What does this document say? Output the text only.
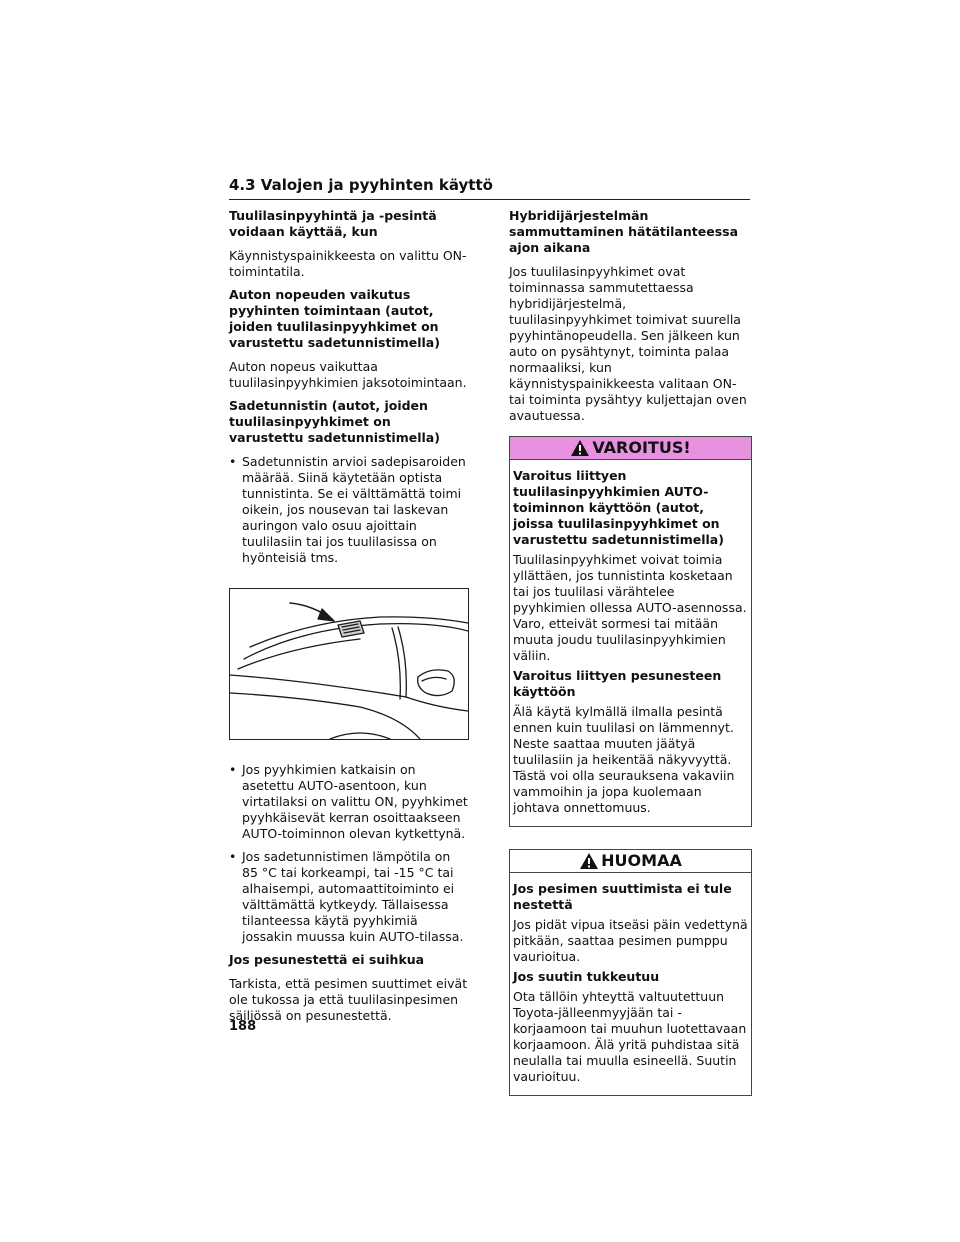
4.3 Valojen ja pyyhinten käyttö
Tuulilasinpyyhintä ja -pesintä voidaan käyttää, kun

Käynnistyspainikkeesta on valittu ON-toimintatila.

Auton nopeuden vaikutus pyyhinten toimintaan (autot, joiden tuulilasinpyyhkimet on varustettu sadetunnistimella)

Auton nopeus vaikuttaa tuulilasinpyyhkimien jaksotoimintaan.

Sadetunnistin (autot, joiden tuulilasinpyyhkimet on varustettu sadetunnistimella)
• Sadetunnistin arvioi sadepisaroiden määrää. Siinä käytetään optista tunnistinta. Se ei välttämättä toimi oikein, jos nousevan tai laskevan auringon valo osuu ajoittain tuulilasiin tai jos tuulilasissa on hyönteisiä tms.
• Jos pyyhkimien katkaisin on asetettu AUTO-asentoon, kun virtatilaksi on valittu ON, pyyhkimet pyyhkäisevät kerran osoittaakseen AUTO-toiminnon olevan kytkettynä.
• Jos sadetunnistimen lämpötila on 85 °C tai korkeampi, tai -15 °C tai alhaisempi, automaattitoiminto ei välttämättä kytkeydy. Tällaisessa tilanteessa käytä pyyhkimiä jossakin muussa kuin AUTO-tilassa.
Jos pesunestettä ei suihkua

Tarkista, että pesimen suuttimet eivät ole tukossa ja että tuulilasinpesimen säiliössä on pesunestettä.

Hybridijärjestelmän sammuttaminen hätätilanteessa ajon aikana

Jos tuulilasinpyyhkimet ovat toiminnassa sammutettaessa hybridijärjestelmä, tuulilasinpyyhkimet toimivat suurella pyyhintänopeudella. Sen jälkeen kun auto on pysähtynyt, toiminta palaa normaaliksi, kun käynnistyspainikkeesta valitaan ON- tai toiminta pysähtyy kuljettajan oven avautuessa.

VAROITUS!
Varoitus liittyen tuulilasinpyyhkimien AUTO-toiminnon käyttöön (autot, joissa tuulilasinpyyhkimet on varustettu sadetunnistimella)

Tuulilasinpyyhkimet voivat toimia yllättäen, jos tunnistinta kosketaan tai jos tuulilasi värähtelee pyyhkimien ollessa AUTO-asennossa. Varo, etteivät sormesi tai mitään muuta joudu tuulilasinpyyhkimien väliin.

Varoitus liittyen pesunesteen käyttöön

Älä käytä kylmällä ilmalla pesintä ennen kuin tuulilasi on lämmennyt. Neste saattaa muuten jäätyä tuulilasiin ja heikentää näkyvyyttä. Tästä voi olla seurauksena vakaviin vammoihin ja jopa kuolemaan johtava onnettomuus.

HUOMAA
Jos pesimen suuttimista ei tule nestettä

Jos pidät vipua itseäsi päin vedettynä pitkään, saattaa pesimen pumppu vaurioitua.

Jos suutin tukkeutuu

Ota tällöin yhteyttä valtuutettuun Toyota-jälleenmyyjään tai -korjaamoon tai muuhun luotettavaan korjaamoon. Älä yritä puhdistaa sitä neulalla tai muulla esineellä. Suutin vaurioituu.

188
